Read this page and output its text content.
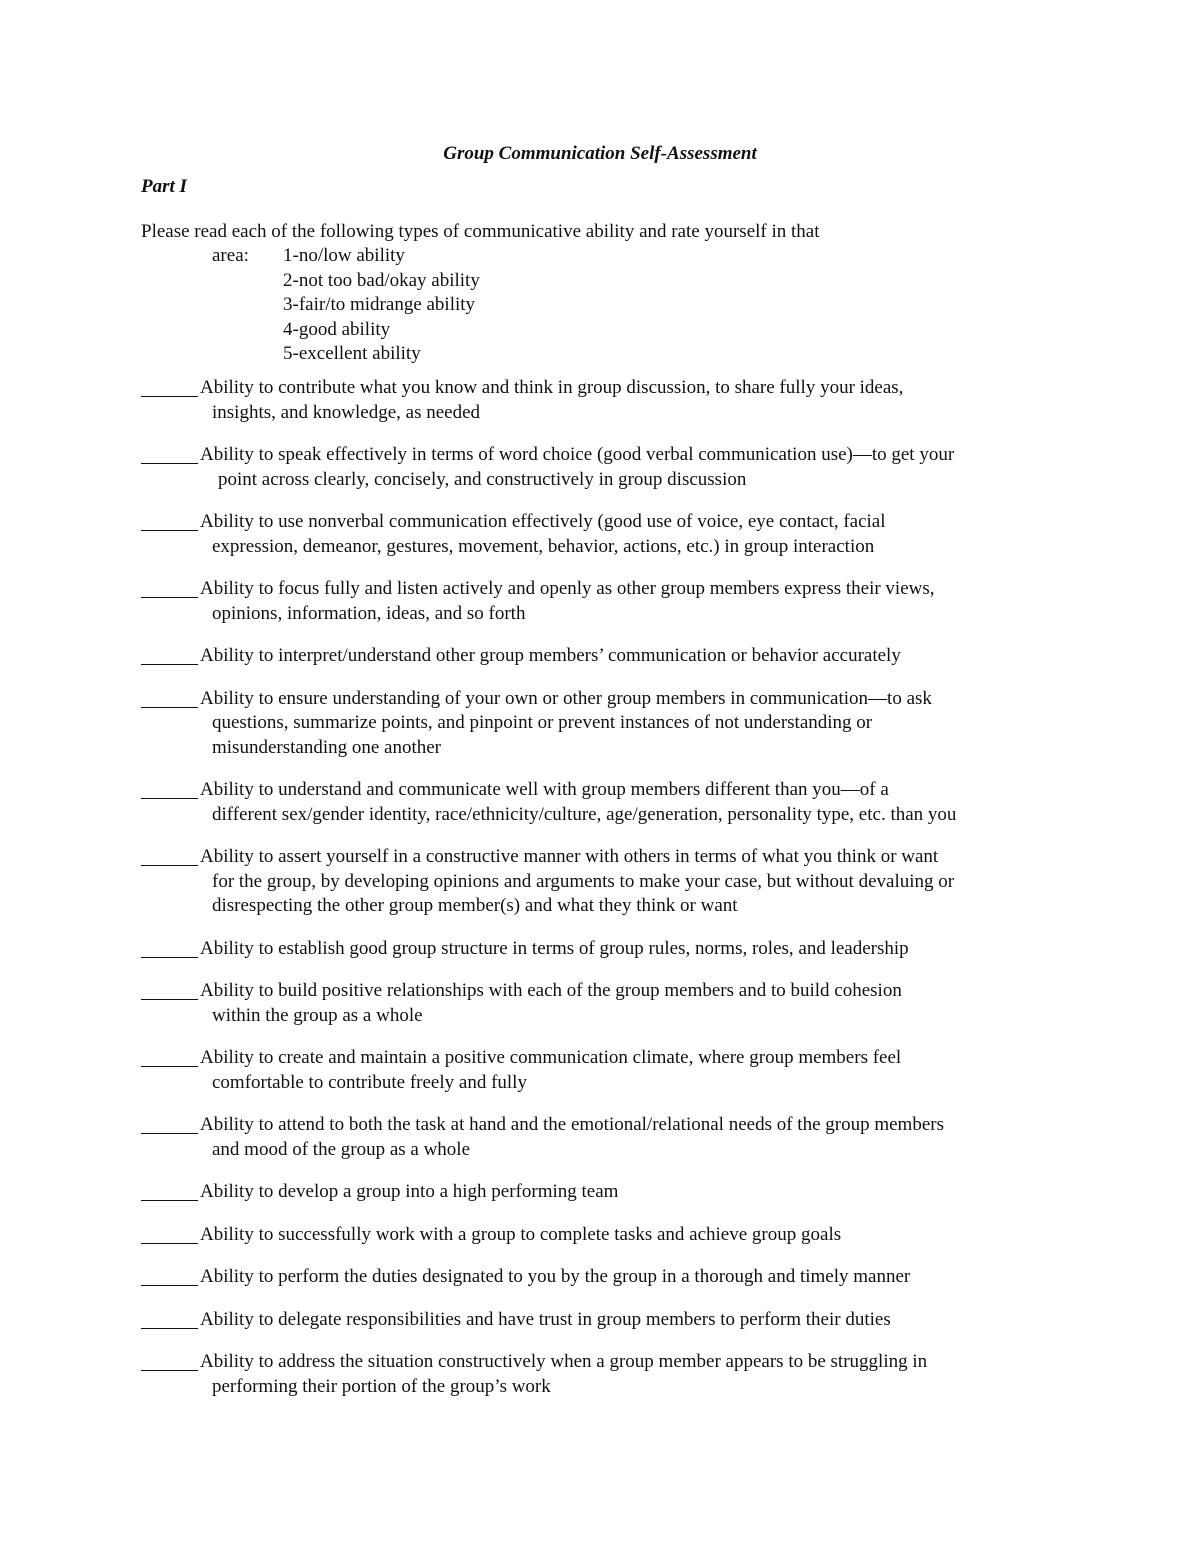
Group Communication Self-Assessment
Part I
Please read each of the following types of communicative ability and rate yourself in that
area:	1-no/low ability
2-not too bad/okay ability
3-fair/to midrange ability
4-good ability
5-excellent ability
Ability to contribute what you know and think in group discussion, to share fully your ideas,
insights, and knowledge, as needed
Ability to speak effectively in terms of word choice (good verbal communication use)—to get your
point across clearly, concisely, and constructively in group discussion
Ability to use nonverbal communication effectively (good use of voice, eye contact, facial
expression, demeanor, gestures, movement, behavior, actions, etc.) in group interaction
Ability to focus fully and listen actively and openly as other group members express their views,
opinions, information, ideas, and so forth
Ability to interpret/understand other group members’ communication or behavior accurately
Ability to ensure understanding of your own or other group members in communication—to ask
questions, summarize points, and pinpoint or prevent instances of not understanding or
misunderstanding one another
Ability to understand and communicate well with group members different than you—of a
different sex/gender identity, race/ethnicity/culture, age/generation, personality type, etc. than you
Ability to assert yourself in a constructive manner with others in terms of what you think or want
for the group, by developing opinions and arguments to make your case, but without devaluing or
disrespecting the other group member(s) and what they think or want
Ability to establish good group structure in terms of group rules, norms, roles, and leadership
Ability to build positive relationships with each of the group members and to build cohesion
within the group as a whole
Ability to create and maintain a positive communication climate, where group members feel
comfortable to contribute freely and fully
Ability to attend to both the task at hand and the emotional/relational needs of the group members
and mood of the group as a whole
Ability to develop a group into a high performing team
Ability to successfully work with a group to complete tasks and achieve group goals
Ability to perform the duties designated to you by the group in a thorough and timely manner
Ability to delegate responsibilities and have trust in group members to perform their duties
Ability to address the situation constructively when a group member appears to be struggling in
performing their portion of the group’s work
